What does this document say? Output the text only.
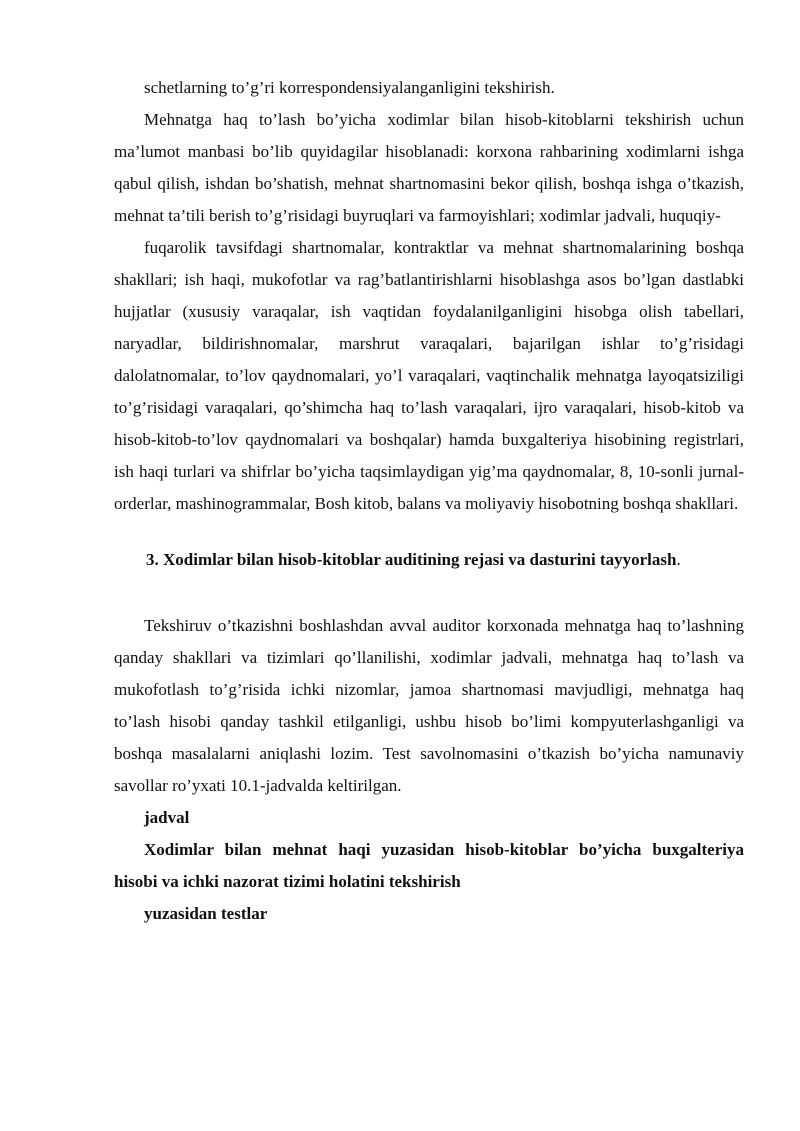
schetlarning to’g’ri korrespondensiyalanganligini tekshirish.

Mehnatga haq to’lash bo’yicha xodimlar bilan hisob-kitoblarni tekshirish uchun ma’lumot manbasi bo’lib quyidagilar hisoblanadi: korxona rahbarining xodimlarni ishga qabul qilish, ishdan bo’shatish, mehnat shartnomasini bekor qilish, boshqa ishga o’tkazish, mehnat ta’tili berish to’g’risidagi buyruqlari va farmoyishlari; xodimlar jadvali, huquqiy-

fuqarolik tavsifdagi shartnomalar, kontraktlar va mehnat shartnomalarining boshqa shakllari; ish haqi, mukofotlar va rag’batlantirishlarni hisoblashga asos bo’lgan dastlabki hujjatlar (xususiy varaqalar, ish vaqtidan foydalanilganligini hisobga olish tabellari, naryadlar, bildirishnomalar, marshrut varaqalari, bajarilgan ishlar to’g’risidagi dalolatnomalar, to’lov qaydnomalari, yo’l varaqalari, vaqtinchalik mehnatga layoqatsiziligi to’g’risidagi varaqalari, qo’shimcha haq to’lash varaqalari, ijro varaqalari, hisob-kitob va hisob-kitob-to’lov qaydnomalari va boshqalar) hamda buxgalteriya hisobining registrlari, ish haqi turlari va shifrlar bo’yicha taqsimlaydigan yig’ma qaydnomalar, 8, 10-sonli jurnal-orderlar, mashinogrammalar, Bosh kitob, balans va moliyaviy hisobotning boshqa shakllari.

3. Xodimlar bilan hisob-kitoblar auditining rejasi va dasturini tayyorlash.

Tekshiruv o’tkazishni boshlashdan avval auditor korxonada mehnatga haq to’lashning qanday shakllari va tizimlari qo’llanilishi, xodimlar jadvali, mehnatga haq to’lash va mukofotlash to’g’risida ichki nizomlar, jamoa shartnomasi mavjudligi, mehnatga haq to’lash hisobi qanday tashkil etilganligi, ushbu hisob bo’limi kompyuterlashganligi va boshqa masalalarni aniqlashi lozim. Test savolnomasini o’tkazish bo’yicha namunaviy savollar ro’yxati 10.1-jadvalda keltirilgan.

jadval

Xodimlar bilan mehnat haqi yuzasidan hisob-kitoblar bo’yicha buxgalteriya hisobi va ichki nazorat tizimi holatini tekshirish

yuzasidan testlar
